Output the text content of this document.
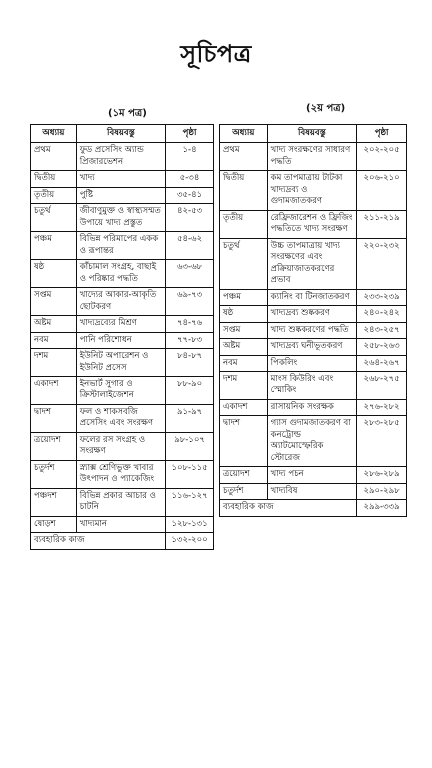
সূচিপত্র
(১ম পত্র)	(২য় পত্র)
অধ্যায়	বিষয়বস্তু	পৃষ্ঠা
প্রথম	ফুড প্রসেসিং অ্যান্ড প্রিজারভেশন	১-৪
দ্বিতীয়	খাদ্য	৫-৩৪
তৃতীয়	পুষ্টি	৩৫-৪১
চতুর্থ	জীবাণুমুক্ত ও স্বাস্থ্যসম্মত উপায়ে খাদ্য প্রস্তুত	৪২-৫৩
পঞ্চম	বিভিন্ন পরিমাপের একক ও রূপান্তর	৫৪-৬২
ষষ্ঠ	কাঁচামাল সংগ্রহ, বাছাই ও পরিষ্কার পদ্ধতি	৬৩-৬৮
সপ্তম	খাদ্যের আকার-আকৃতি ছোটকরণ	৬৯-৭৩
অষ্টম	খাদ্যদ্রব্যের মিশ্রণ	৭৪-৭৬
নবম	পানি পরিশোধন	৭৭-৮৩
দশম	ইউনিট অপারেশন ও ইউনিট প্রসেস	৮৪-৮৭
একাদশ	ইনভার্ট সুগার ও ক্রিস্টালাইজেশন	৮৮-৯০
দ্বাদশ	ফল ও শাকসবজি প্রসেসিং এবং সংরক্ষণ	৯১-৯৭
ত্রয়োদশ	ফলের রস সংগ্রহ ও সংরক্ষণ	৯৮-১০৭
চতুর্দশ	স্ন্যাক্স শ্রেণিভুক্ত খাবার উৎপাদন ও প্যাকেজিং	১০৮-১১৫
পঞ্চদশ	বিভিন্ন প্রকার আচার ও চাটনি	১১৬-১২৭
ষোড়শ	খাদ্যমান	১২৮-১৩১
ব্যবহারিক কাজ		১৩২-২০০
অধ্যায়	বিষয়বস্তু	পৃষ্ঠা
প্রথম	খাদ্য সংরক্ষণের সাধারণ পদ্ধতি	২০২-২০৫
দ্বিতীয়	কম তাপমাত্রায় টাটকা খাদ্যদ্রব্য ও গুদামজাতকরণ	২০৬-২১০
তৃতীয়	রেফ্রিজারেশন ও ফ্রিজিং পদ্ধতিতে খাদ্য সংরক্ষণ	২১১-২১৯
চতুর্থ	উচ্চ তাপমাত্রায় খাদ্য সংরক্ষণের এবং প্রক্রিয়াজাতকরণের প্রভাব	২২০-২৩২
পঞ্চম	ক্যানিং বা টিনজাতকরণ	২৩৩-২৩৯
ষষ্ঠ	খাদ্যদ্রব্য শুষ্ককরণ	২৪০-২৪২
সপ্তম	খাদ্য শুষ্ককরণের পদ্ধতি	২৪৩-২৫৭
অষ্টম	খাদ্যদ্রব্য ঘনীভূতকরণ	২৫৮-২৬৩
নবম	পিকলিং	২৬৪-২৬৭
দশম	মাংস কিউরিং এবং স্মোকিং	২৬৮-২৭৫
একাদশ	রাসায়নিক সংরক্ষক	২৭৬-২৮২
দ্বাদশ	গ্যাস গুদামজাতকরণ বা কনট্রোল্ড অ্যাটমোস্ফেরিক স্টোরেজ	২৮৩-২৮৫
ত্রয়োদশ	খাদ্য পচন	২৮৬-২৮৯
চতুর্দশ	খাদ্যবিষ	২৯০-২৯৮
ব্যবহারিক কাজ		২৯৯-৩৩৯
